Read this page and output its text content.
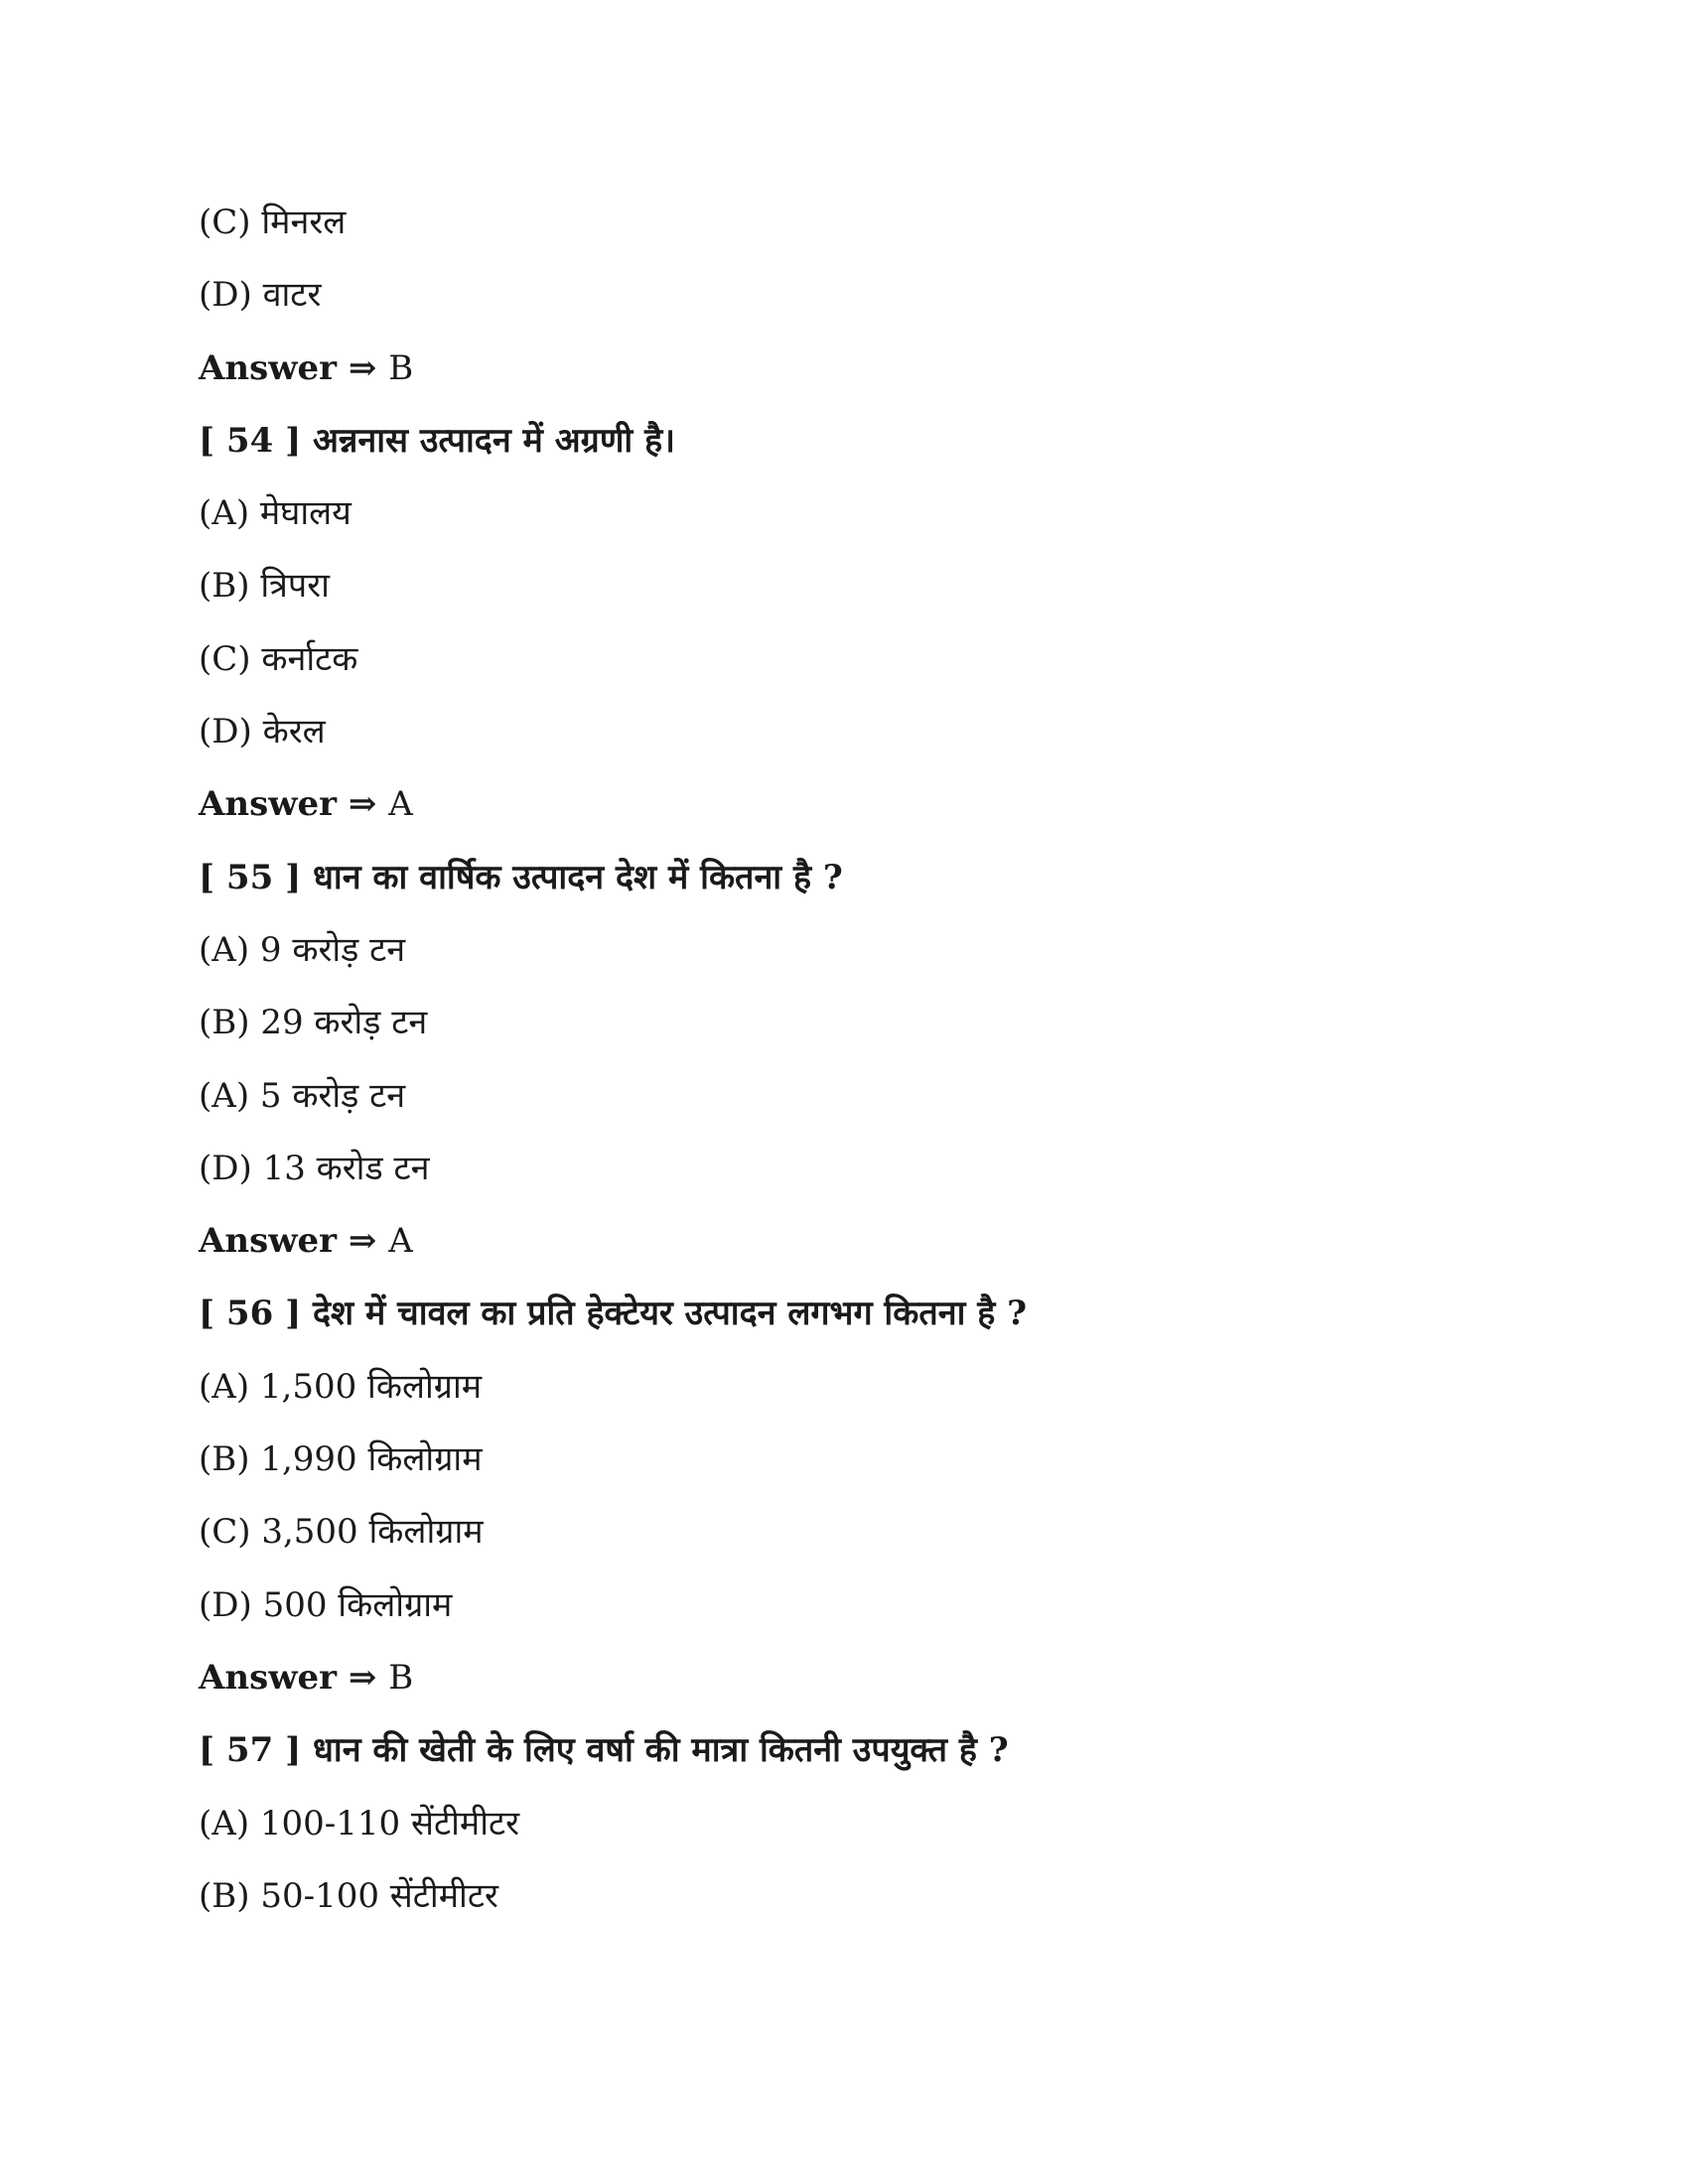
(C) मिनरल
(D) वाटर
Answer ⇒ B
[ 54 ] अन्ननास उत्पादन में अग्रणी है।
(A) मेघालय
(B) त्रिपरा
(C) कर्नाटक
(D) केरल
Answer ⇒ A
[ 55 ] धान का वार्षिक उत्पादन देश में कितना है ?
(A) 9 करोड़ टन
(B) 29 करोड़ टन
(A) 5 करोड़ टन
(D) 13 करोड टन
Answer ⇒ A
[ 56 ] देश में चावल का प्रति हेक्टेयर उत्पादन लगभग कितना है ?
(A) 1,500 किलोग्राम
(B) 1,990 किलोग्राम
(C) 3,500 किलोग्राम
(D) 500 किलोग्राम
Answer ⇒ B
[ 57 ] धान की खेती के लिए वर्षा की मात्रा कितनी उपयुक्त है ?
(A) 100-110 सेंटीमीटर
(B) 50-100 सेंटीमीटर
